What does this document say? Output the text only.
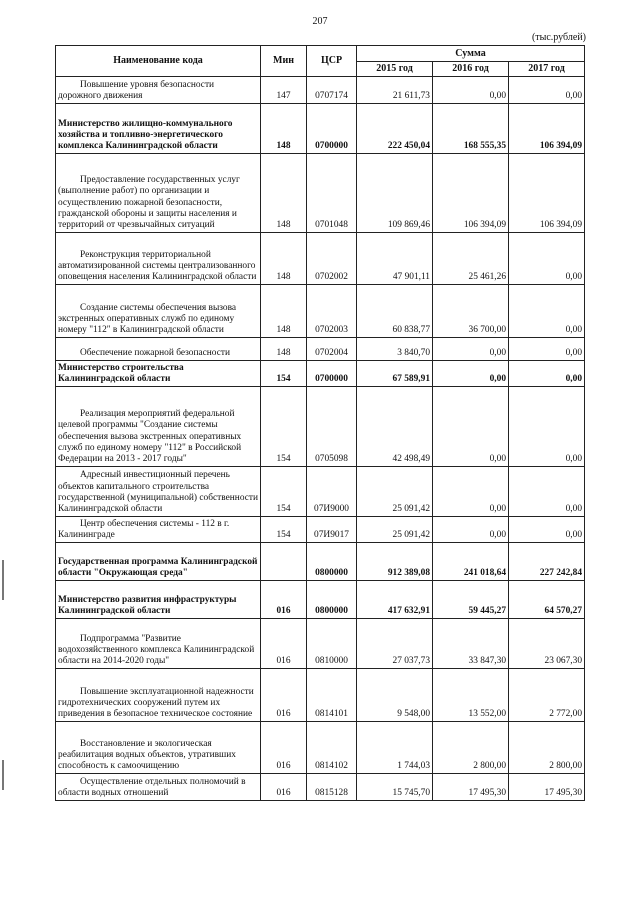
207
(тыс.рублей)
Наименование кода	Мин	ЦСР	Сумма		
			2015 год	2016 год	2017 год
Повышение уровня безопасности дорожного движения	147	0707174	21 611,73	0,00	0,00
Министерство жилищно-коммунального хозяйства и топливно-энергетического комплекса Калининградской области	148	0700000	222 450,04	168 555,35	106 394,09
Предоставление государственных услуг (выполнение работ) по организации и осуществлению пожарной безопасности, гражданской обороны и защиты населения и территорий от чрезвычайных ситуаций	148	0701048	109 869,46	106 394,09	106 394,09
Реконструкция территориальной автоматизированной системы централизованного оповещения населения Калининградской области	148	0702002	47 901,11	25 461,26	0,00
Создание системы обеспечения вызова экстренных оперативных служб по единому номеру "112" в Калининградской области	148	0702003	60 838,77	36 700,00	0,00
Обеспечение пожарной безопасности	148	0702004	3 840,70	0,00	0,00
Министерство строительства Калининградской области	154	0700000	67 589,91	0,00	0,00
Реализация мероприятий федеральной целевой программы "Создание системы обеспечения вызова экстренных оперативных служб по единому номеру "112" в Российской Федерации на 2013 - 2017 годы"	154	0705098	42 498,49	0,00	0,00
Адресный инвестиционный перечень объектов капитального строительства государственной (муниципальной) собственности Калининградской области	154	07И9000	25 091,42	0,00	0,00
Центр обеспечения системы - 112 в г. Калининграде	154	07И9017	25 091,42	0,00	0,00
Государственная программа Калининградской области "Окружающая среда"		0800000	912 389,08	241 018,64	227 242,84
Министерство развития инфраструктуры Калининградской области	016	0800000	417 632,91	59 445,27	64 570,27
Подпрограмма "Развитие водохозяйственного комплекса Калининградской области на 2014-2020 годы"	016	0810000	27 037,73	33 847,30	23 067,30
Повышение эксплуатационной надежности гидротехнических сооружений путем их приведения в безопасное техническое состояние	016	0814101	9 548,00	13 552,00	2 772,00
Восстановление и экологическая реабилитация водных объектов, утративших способность к самоочищению	016	0814102	1 744,03	2 800,00	2 800,00
Осуществление отдельных полномочий в области водных отношений	016	0815128	15 745,70	17 495,30	17 495,30
